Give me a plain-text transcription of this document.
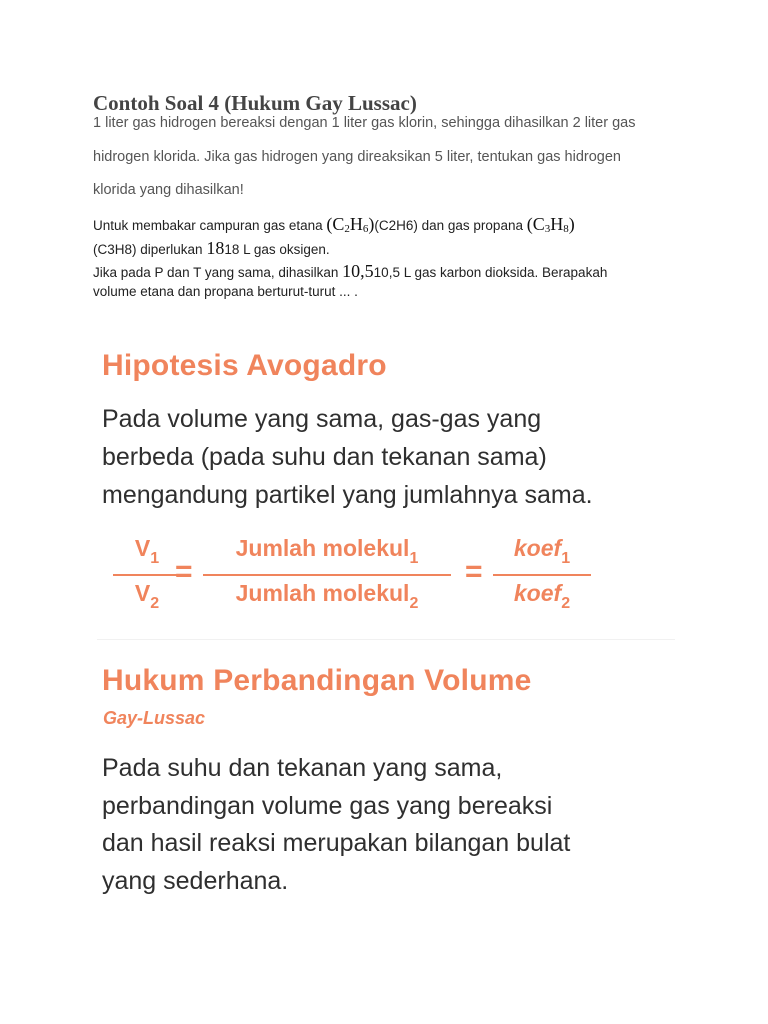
Contoh Soal 4 (Hukum Gay Lussac)
1 liter gas hidrogen bereaksi dengan 1 liter gas klorin, sehingga dihasilkan 2 liter gas
hidrogen klorida. Jika gas hidrogen yang direaksikan 5 liter, tentukan gas hidrogen
klorida yang dihasilkan!
Untuk membakar campuran gas etana $(C_2H_6)(C2H6)$ dan gas propana $(C_3H_8)$
(C3H8) diperlukan 1818 L gas oksigen.
Jika pada P dan T yang sama, dihasilkan 10,510,5 L gas karbon dioksida. Berapakah
volume etana dan propana berturut-turut ... .
Hipotesis Avogadro
Pada volume yang sama, gas-gas yang
berbeda (pada suhu dan tekanan sama)
mengandung partikel yang jumlahnya sama.
$V_1$
$V_2$
=
Jumlah molekul$_1$
Jumlah molekul$_2$
=
koef$_1$
koef$_2$
Hukum Perbandingan Volume
Gay-Lussac
Pada suhu dan tekanan yang sama,
perbandingan volume gas yang bereaksi
dan hasil reaksi merupakan bilangan bulat
yang sederhana.
